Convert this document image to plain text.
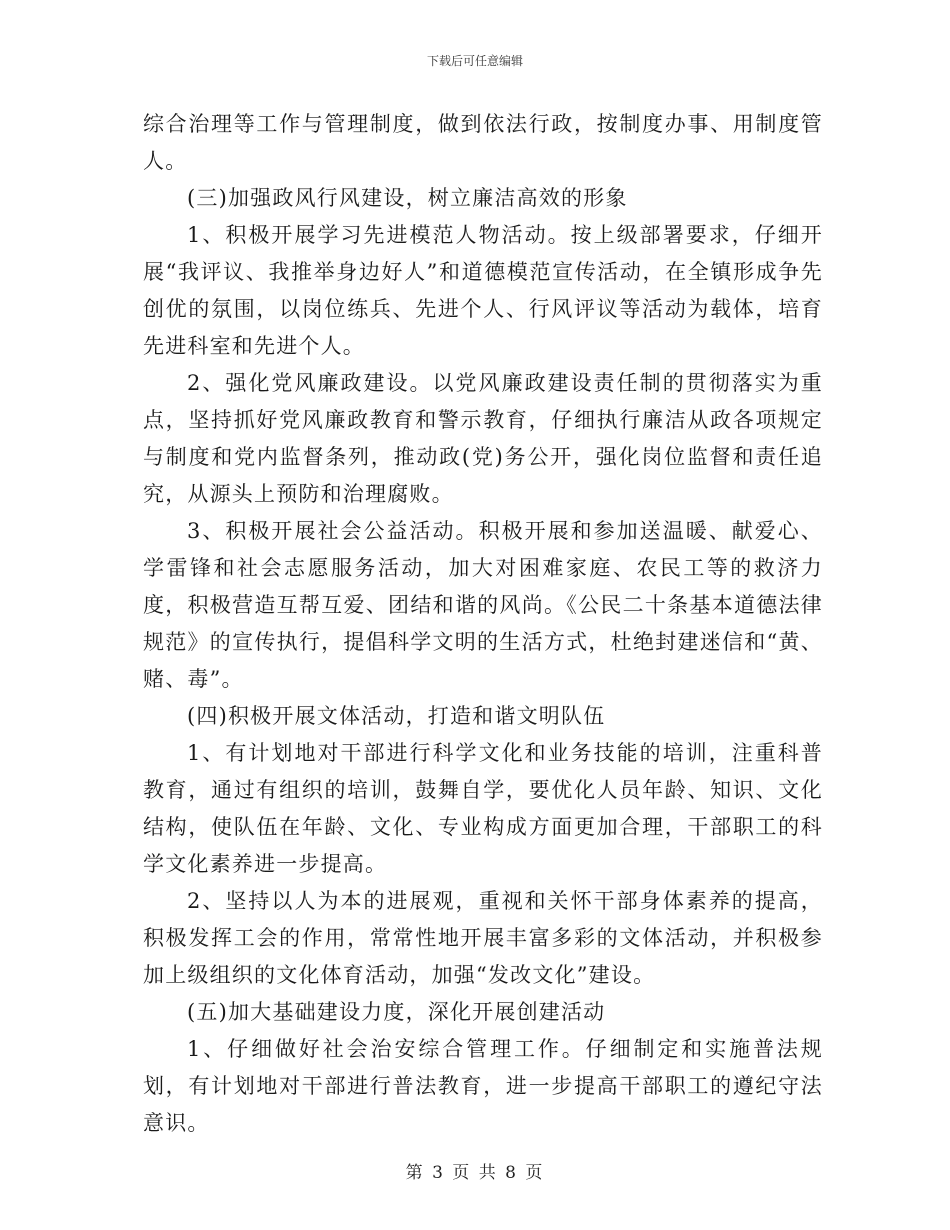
下载后可任意编辑

综合治理等工作与管理制度，做到依法行政，按制度办事、用制度管人。

(三)加强政风行风建设，树立廉洁高效的形象

1、积极开展学习先进模范人物活动。按上级部署要求，仔细开展“我评议、我推举身边好人”和道德模范宣传活动，在全镇形成争先创优的氛围，以岗位练兵、先进个人、行风评议等活动为载体，培育先进科室和先进个人。

2、强化党风廉政建设。以党风廉政建设责任制的贯彻落实为重点，坚持抓好党风廉政教育和警示教育，仔细执行廉洁从政各项规定与制度和党内监督条列，推动政(党)务公开，强化岗位监督和责任追究，从源头上预防和治理腐败。

3、积极开展社会公益活动。积极开展和参加送温暖、献爱心、学雷锋和社会志愿服务活动，加大对困难家庭、农民工等的救济力度，积极营造互帮互爱、团结和谐的风尚。《公民二十条基本道德法律规范》的宣传执行，提倡科学文明的生活方式，杜绝封建迷信和“黄、赌、毒”。

(四)积极开展文体活动，打造和谐文明队伍

1、有计划地对干部进行科学文化和业务技能的培训，注重科普教育，通过有组织的培训，鼓舞自学，要优化人员年龄、知识、文化结构，使队伍在年龄、文化、专业构成方面更加合理，干部职工的科学文化素养进一步提高。

2、坚持以人为本的进展观，重视和关怀干部身体素养的提高，积极发挥工会的作用，常常性地开展丰富多彩的文体活动，并积极参加上级组织的文化体育活动，加强“发改文化”建设。

(五)加大基础建设力度，深化开展创建活动

1、仔细做好社会治安综合管理工作。仔细制定和实施普法规划，有计划地对干部进行普法教育，进一步提高干部职工的遵纪守法意识。

第 3 页 共 8 页
